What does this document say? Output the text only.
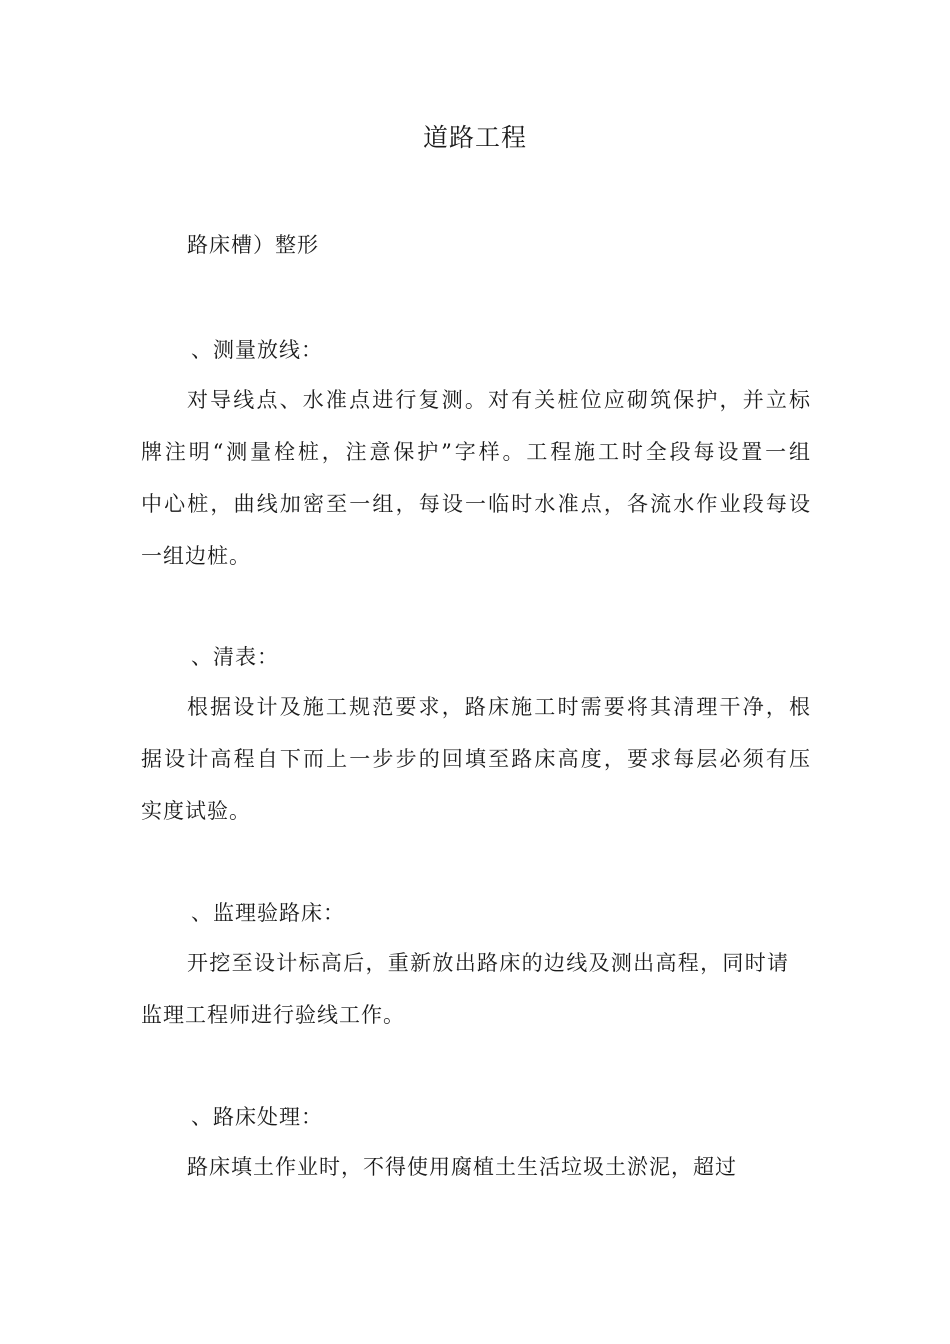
道路工程
路床槽）整形
、测量放线：
对导线点、水准点进行复测。对有关桩位应砌筑保护，并立标
牌注明“测量栓桩，注意保护”字样。工程施工时全段每设置一组
中心桩，曲线加密至一组，每设一临时水准点，各流水作业段每设
一组边桩。
、清表：
根据设计及施工规范要求，路床施工时需要将其清理干净，根
据设计高程自下而上一步步的回填至路床高度，要求每层必须有压
实度试验。
、监理验路床：
开挖至设计标高后，重新放出路床的边线及测出高程，同时请
监理工程师进行验线工作。
、路床处理：
路床填土作业时，不得使用腐植土生活垃圾土淤泥，超过
